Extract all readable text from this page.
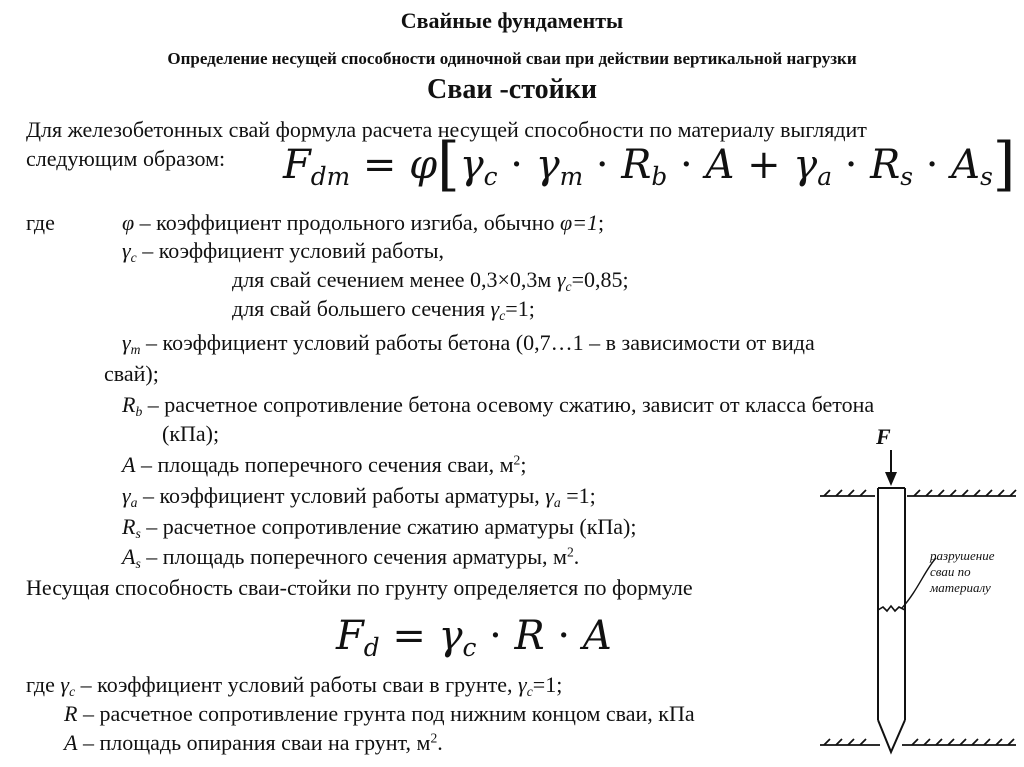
Свайные фундаменты
Определение несущей способности одиночной сваи при действии вертикальной нагрузки
Сваи -стойки
Для железобетонных свай формула расчета несущей способности по материалу выглядит
следующим образом: $F_{dm} = \varphi[\gamma_c \cdot \gamma_m \cdot R_b \cdot A + \gamma_a \cdot R_s \cdot A_s]$
где	φ – коэффициент продольного изгиба, обычно φ=1;
$\gamma_c$ – коэффициент условий работы,
для свай сечением менее 0,3×0,3м $\gamma_c=0,85$;
для свай большего сечения $\gamma_c=1$;
$\gamma_m$ – коэффициент условий работы бетона (0,7…1 – в зависимости от вида
свай);
$R_b$ – расчетное сопротивление бетона осевому сжатию, зависит от класса бетона
(кПа);
A – площадь поперечного сечения сваи, $м^2$;
$\gamma_a$ – коэффициент условий работы арматуры, $\gamma_a =1$;
$R_s$ – расчетное сопротивление сжатию арматуры (кПа);
$A_s$ – площадь поперечного сечения арматуры, $м^2$.
Несущая способность сваи-стойки по грунту определяется по формуле
$F_d = \gamma_c \cdot R \cdot A$
где $\gamma_c$ – коэффициент условий работы сваи в грунте, $\gamma_c=1$;
R – расчетное сопротивление грунта под нижним концом сваи, кПа
A – площадь опирания сваи на грунт, $м^2$.
F
разрушение
сваи по
материалу
